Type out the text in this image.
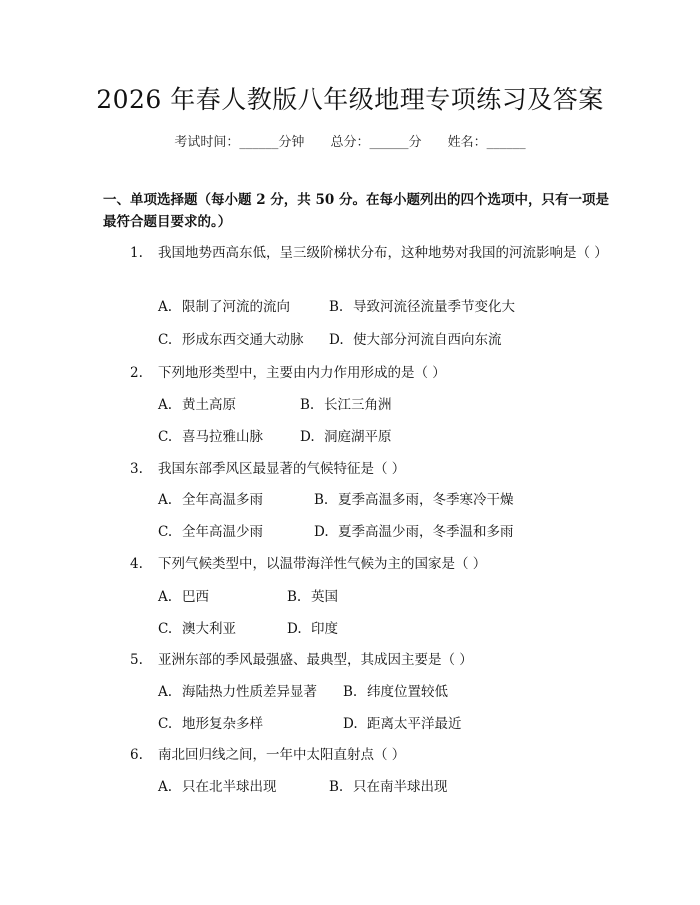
2026 年春人教版八年级地理专项练习及答案
考试时间：______分钟 总分：______分 姓名：______
一、单项选择题（每小题 2 分，共 50 分。在每小题列出的四个选项中，只有一项是最符合题目要求的。）
1. 我国地势西高东低，呈三级阶梯状分布，这种地势对我国的河流影响是（ ）
A. 限制了河流的流向	B. 导致河流径流量季节变化大
C. 形成东西交通大动脉 D. 使大部分河流自西向东流
2. 下列地形类型中，主要由内力作用形成的是（ ）
A. 黄土高原	B. 长江三角洲
C. 喜马拉雅山脉	D. 洞庭湖平原
3. 我国东部季风区最显著的气候特征是（ ）
A. 全年高温多雨	B. 夏季高温多雨，冬季寒冷干燥
C. 全年高温少雨	D. 夏季高温少雨，冬季温和多雨
4. 下列气候类型中，以温带海洋性气候为主的国家是（ ）
A. 巴西	B. 英国
C. 澳大利亚	D. 印度
5. 亚洲东部的季风最强盛、最典型，其成因主要是（ ）
A. 海陆热力性质差异显著 B. 纬度位置较低
C. 地形复杂多样	D. 距离太平洋最近
6. 南北回归线之间，一年中太阳直射点（ ）
A. 只在北半球出现	B. 只在南半球出现
